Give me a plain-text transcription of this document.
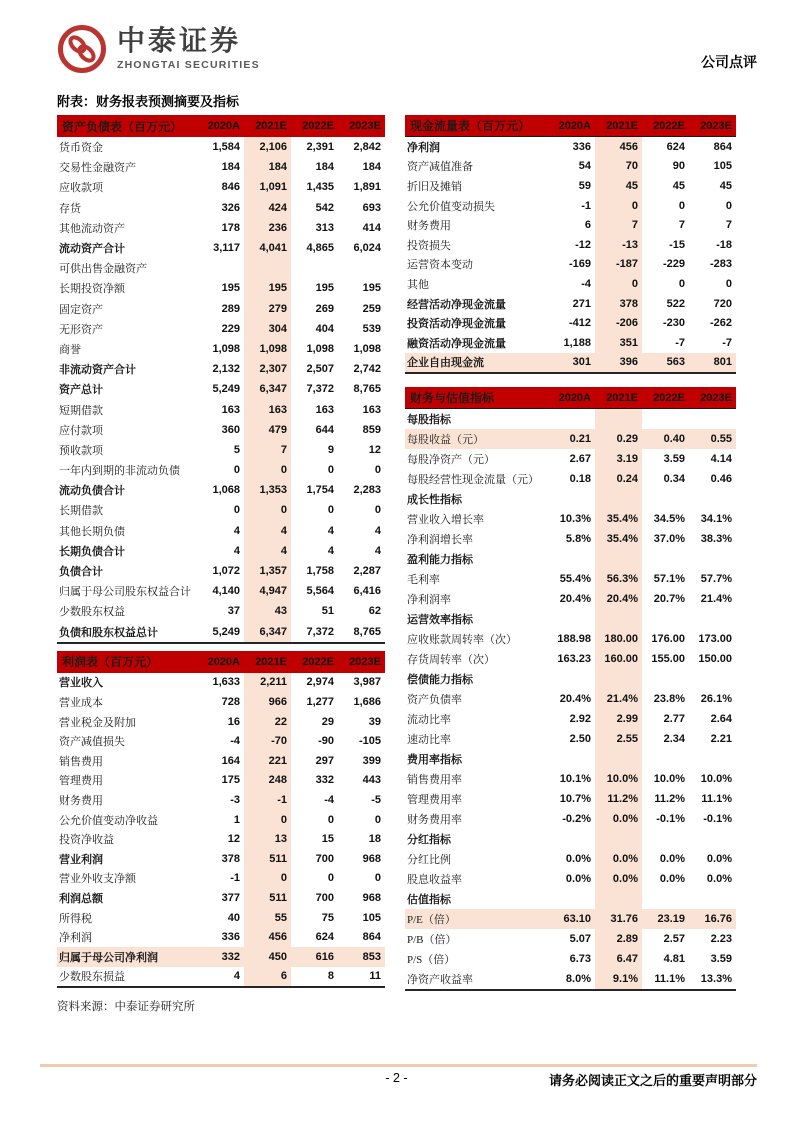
中泰证券
ZHONGTAI SECURITIES	公司点评
附表：财务报表预测摘要及指标
资产负债表（百万元）	2020A	2021E	2022E	2023E
货币资金	1,584	2,106	2,391	2,842
交易性金融资产	184	184	184	184
应收款项	846	1,091	1,435	1,891
存货	326	424	542	693
其他流动资产	178	236	313	414
流动资产合计	3,117	4,041	4,865	6,024
可供出售金融资产
长期投资净额	195	195	195	195
固定资产	289	279	269	259
无形资产	229	304	404	539
商誉	1,098	1,098	1,098	1,098
非流动资产合计	2,132	2,307	2,507	2,742
资产总计	5,249	6,347	7,372	8,765
短期借款	163	163	163	163
应付款项	360	479	644	859
预收款项	5	7	9	12
一年内到期的非流动负债	0	0	0	0
流动负债合计	1,068	1,353	1,754	2,283
长期借款	0	0	0	0
其他长期负债	4	4	4	4
长期负债合计	4	4	4	4
负债合计	1,072	1,357	1,758	2,287
归属于母公司股东权益合计	4,140	4,947	5,564	6,416
少数股东权益	37	43	51	62
负债和股东权益总计	5,249	6,347	7,372	8,765
利润表（百万元）	2020A	2021E	2022E	2023E
营业收入	1,633	2,211	2,974	3,987
营业成本	728	966	1,277	1,686
营业税金及附加	16	22	29	39
资产减值损失	-4	-70	-90	-105
销售费用	164	221	297	399
管理费用	175	248	332	443
财务费用	-3	-1	-4	-5
公允价值变动净收益	1	0	0	0
投资净收益	12	13	15	18
营业利润	378	511	700	968
营业外收支净额	-1	0	0	0
利润总额	377	511	700	968
所得税	40	55	75	105
净利润	336	456	624	864
归属于母公司净利润	332	450	616	853
少数股东损益	4	6	8	11
资料来源：中泰证券研究所
现金流量表（百万元）	2020A	2021E	2022E	2023E
净利润	336	456	624	864
资产减值准备	54	70	90	105
折旧及摊销	59	45	45	45
公允价值变动损失	-1	0	0	0
财务费用	6	7	7	7
投资损失	-12	-13	-15	-18
运营资本变动	-169	-187	-229	-283
其他	-4	0	0	0
经营活动净现金流量	271	378	522	720
投资活动净现金流量	-412	-206	-230	-262
融资活动净现金流量	1,188	351	-7	-7
企业自由现金流	301	396	563	801
财务与估值指标	2020A	2021E	2022E	2023E
每股指标
每股收益（元）	0.21	0.29	0.40	0.55
每股净资产（元）	2.67	3.19	3.59	4.14
每股经营性现金流量（元）	0.18	0.24	0.34	0.46
成长性指标
营业收入增长率	10.3%	35.4%	34.5%	34.1%
净利润增长率	5.8%	35.4%	37.0%	38.3%
盈利能力指标
毛利率	55.4%	56.3%	57.1%	57.7%
净利润率	20.4%	20.4%	20.7%	21.4%
运营效率指标
应收账款周转率（次）	188.98	180.00	176.00	173.00
存货周转率（次）	163.23	160.00	155.00	150.00
偿债能力指标
资产负债率	20.4%	21.4%	23.8%	26.1%
流动比率	2.92	2.99	2.77	2.64
速动比率	2.50	2.55	2.34	2.21
费用率指标
销售费用率	10.1%	10.0%	10.0%	10.0%
管理费用率	10.7%	11.2%	11.2%	11.1%
财务费用率	-0.2%	0.0%	-0.1%	-0.1%
分红指标
分红比例	0.0%	0.0%	0.0%	0.0%
股息收益率	0.0%	0.0%	0.0%	0.0%
估值指标
P/E（倍）	63.10	31.76	23.19	16.76
P/B（倍）	5.07	2.89	2.57	2.23
P/S（倍）	6.73	6.47	4.81	3.59
净资产收益率	8.0%	9.1%	11.1%	13.3%
- 2 -	请务必阅读正文之后的重要声明部分
